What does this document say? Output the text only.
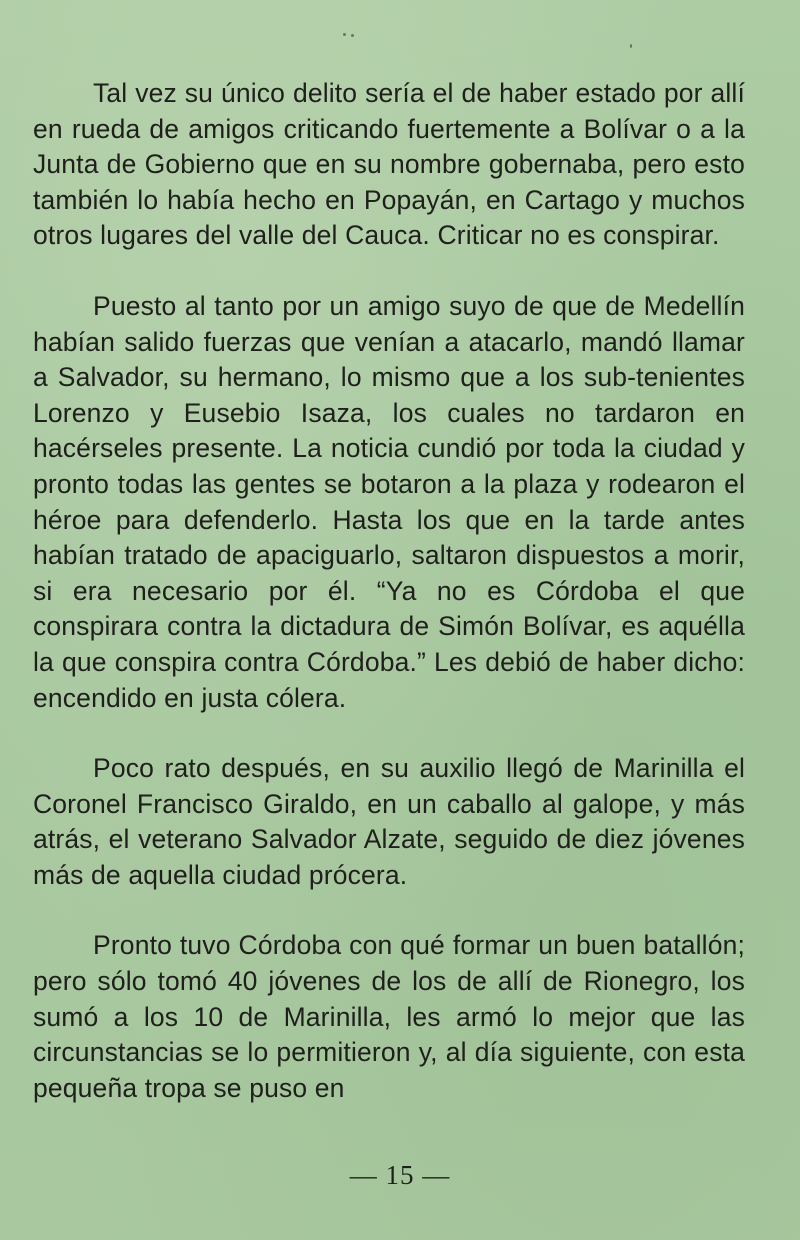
Tal vez su único delito sería el de haber estado por allí en rueda de amigos criticando fuertemente a Bolívar o a la Junta de Gobierno que en su nombre gobernaba, pero esto también lo había hecho en Popayán, en Cartago y muchos otros lugares del valle del Cauca. Criticar no es conspirar.

Puesto al tanto por un amigo suyo de que de Medellín habían salido fuerzas que venían a atacarlo, mandó llamar a Salvador, su hermano, lo mismo que a los sub-tenientes Lorenzo y Eusebio Isaza, los cuales no tardaron en hacérseles presente. La noticia cundió por toda la ciudad y pronto todas las gentes se botaron a la plaza y rodearon el héroe para defenderlo. Hasta los que en la tarde antes habían tratado de apaciguarlo, saltaron dispuestos a morir, si era necesario por él. “Ya no es Córdoba el que conspirara contra la dictadura de Simón Bolívar, es aquélla la que conspira contra Córdoba.” Les debió de haber dicho: encendido en justa cólera.

Poco rato después, en su auxilio llegó de Marinilla el Coronel Francisco Giraldo, en un caballo al galope, y más atrás, el veterano Salvador Alzate, seguido de diez jóvenes más de aquella ciudad prócera.

Pronto tuvo Córdoba con qué formar un buen batallón; pero sólo tomó 40 jóvenes de los de allí de Rionegro, los sumó a los 10 de Marinilla, les armó lo mejor que las circunstancias se lo permitieron y, al día siguiente, con esta pequeña tropa se puso en

— 15 —
